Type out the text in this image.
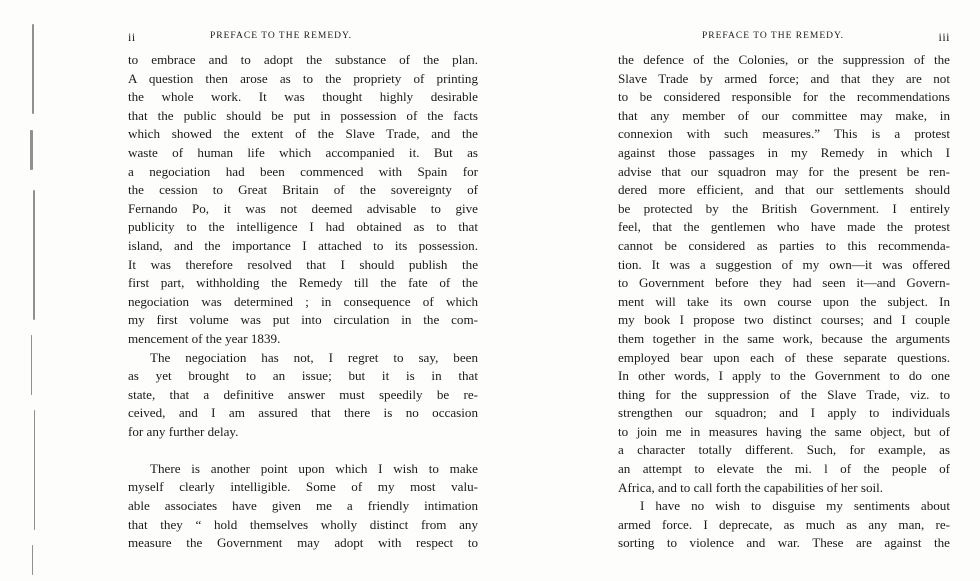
ii	PREFACE TO THE REMEDY.
to embrace and to adopt the substance of the plan.
A question then arose as to the propriety of printing
the whole work. It was thought highly desirable
that the public should be put in possession of the facts
which showed the extent of the Slave Trade, and the
waste of human life which accompanied it. But as
a negociation had been commenced with Spain for
the cession to Great Britain of the sovereignty of
Fernando Po, it was not deemed advisable to give
publicity to the intelligence I had obtained as to that
island, and the importance I attached to its possession.
It was therefore resolved that I should publish the
first part, withholding the Remedy till the fate of the
negociation was determined ; in consequence of which
my first volume was put into circulation in the com-
mencement of the year 1839.
The negociation has not, I regret to say, been
as yet brought to an issue; but it is in that
state, that a definitive answer must speedily be re-
ceived, and I am assured that there is no occasion
for any further delay.
There is another point upon which I wish to make
myself clearly intelligible. Some of my most valu-
able associates have given me a friendly intimation
that they “ hold themselves wholly distinct from any
measure the Government may adopt with respect to
PREFACE TO THE REMEDY.	iii
the defence of the Colonies, or the suppression of the
Slave Trade by armed force; and that they are not
to be considered responsible for the recommendations
that any member of our committee may make, in
connexion with such measures.” This is a protest
against those passages in my Remedy in which I
advise that our squadron may for the present be ren-
dered more efficient, and that our settlements should
be protected by the British Government. I entirely
feel, that the gentlemen who have made the protest
cannot be considered as parties to this recommenda-
tion. It was a suggestion of my own—it was offered
to Government before they had seen it—and Govern-
ment will take its own course upon the subject. In
my book I propose two distinct courses; and I couple
them together in the same work, because the arguments
employed bear upon each of these separate questions.
In other words, I apply to the Government to do one
thing for the suppression of the Slave Trade, viz. to
strengthen our squadron; and I apply to individuals
to join me in measures having the same object, but of
a character totally different. Such, for example, as
an attempt to elevate the mi. l of the people of
Africa, and to call forth the capabilities of her soil.
I have no wish to disguise my sentiments about
armed force. I deprecate, as much as any man, re-
sorting to violence and war. These are against the
